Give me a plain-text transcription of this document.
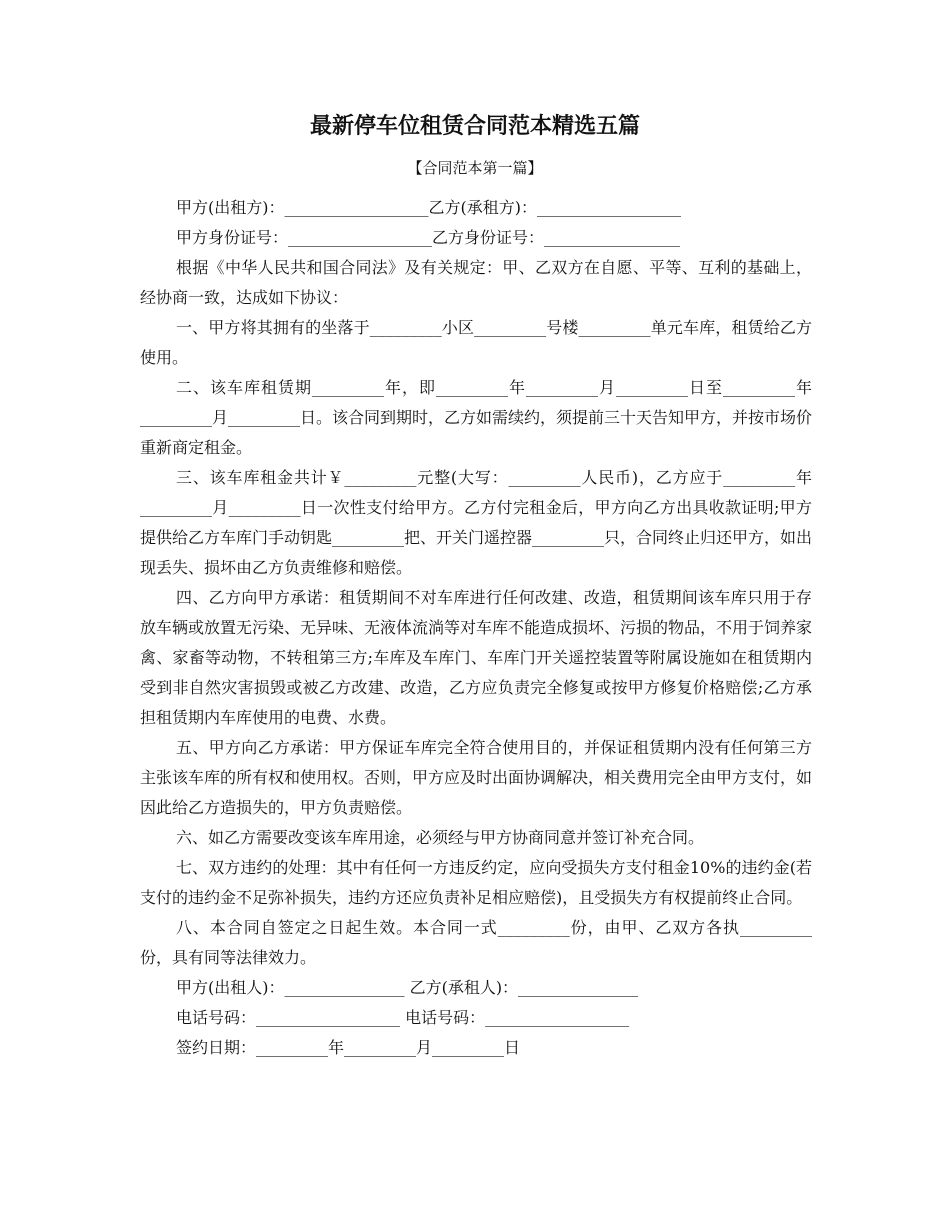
最新停车位租赁合同范本精选五篇
【合同范本第一篇】
甲方(出租方)：__________________乙方(承租方)：__________________
甲方身份证号：__________________乙方身份证号：_________________

根据《中华人民共和国合同法》及有关规定：甲、乙双方在自愿、平等、互利的基础上，经协商一致，达成如下协议：

一、甲方将其拥有的坐落于_________小区_________号楼_________单元车库，租赁给乙方使用。

二、该车库租赁期_________年，即_________年_________月_________日至_________年_________月_________日。该合同到期时，乙方如需续约，须提前三十天告知甲方，并按市场价重新商定租金。

三、该车库租金共计￥_________元整(大写：_________人民币)，乙方应于_________年_________月_________日一次性支付给甲方。乙方付完租金后，甲方向乙方出具收款证明;甲方提供给乙方车库门手动钥匙_________把、开关门遥控器_________只，合同终止归还甲方，如出现丢失、损坏由乙方负责维修和赔偿。

四、乙方向甲方承诺：租赁期间不对车库进行任何改建、改造，租赁期间该车库只用于存放车辆或放置无污染、无异味、无液体流淌等对车库不能造成损坏、污损的物品，不用于饲养家禽、家畜等动物，不转租第三方;车库及车库门、车库门开关遥控装置等附属设施如在租赁期内受到非自然灾害损毁或被乙方改建、改造，乙方应负责完全修复或按甲方修复价格赔偿;乙方承担租赁期内车库使用的电费、水费。

五、甲方向乙方承诺：甲方保证车库完全符合使用目的，并保证租赁期内没有任何第三方主张该车库的所有权和使用权。否则，甲方应及时出面协调解决，相关费用完全由甲方支付，如因此给乙方造损失的，甲方负责赔偿。

六、如乙方需要改变该车库用途，必须经与甲方协商同意并签订补充合同。

七、双方违约的处理：其中有任何一方违反约定，应向受损失方支付租金10%的违约金(若支付的违约金不足弥补损失，违约方还应负责补足相应赔偿)，且受损失方有权提前终止合同。

八、本合同自签定之日起生效。本合同一式_________份，由甲、乙双方各执_________份，具有同等法律效力。

甲方(出租人)：_______________ 乙方(承租人)：_______________
电话号码：__________________ 电话号码：__________________
签约日期：_________年_________月_________日
